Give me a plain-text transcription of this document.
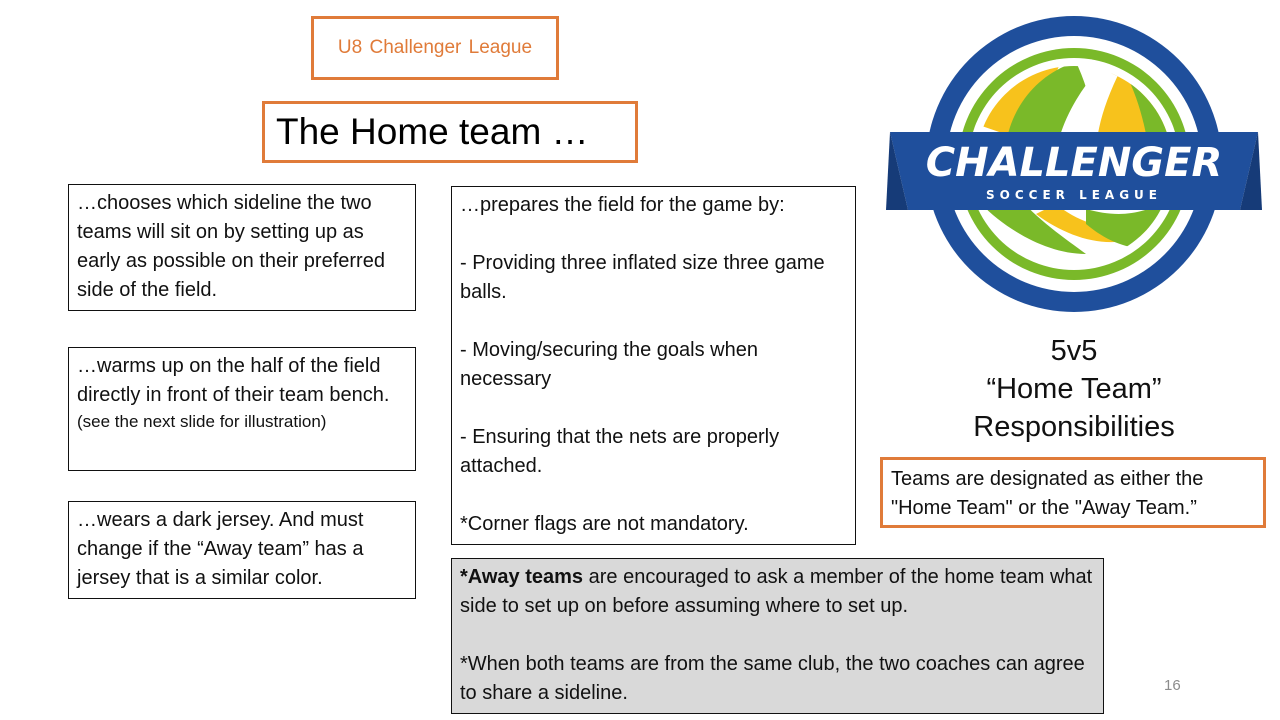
U8 Challenger League
The Home team …

…chooses which sideline the two teams will sit on by setting up as early as possible on their preferred side of the field.

…warms up on the half of the field directly in front of their team bench.

(see the next slide for illustration)

…wears a dark jersey. And must change if the “Away team” has a jersey that is a similar color.

…prepares the field for the game by:

- Providing three inflated size three game balls.

- Moving/securing the goals when necessary

- Ensuring that the nets are properly attached.

*Corner flags are not mandatory.

*Away teams are encouraged to ask a member of the home team what side to set up on before assuming where to set up.

*When both teams are from the same club, the two coaches can agree to share a sideline.

CHALLENGER
SOCCER LEAGUE
5v5
“Home Team”
Responsibilities
Teams are designated as either the "Home Team" or the "Away Team.”
16
